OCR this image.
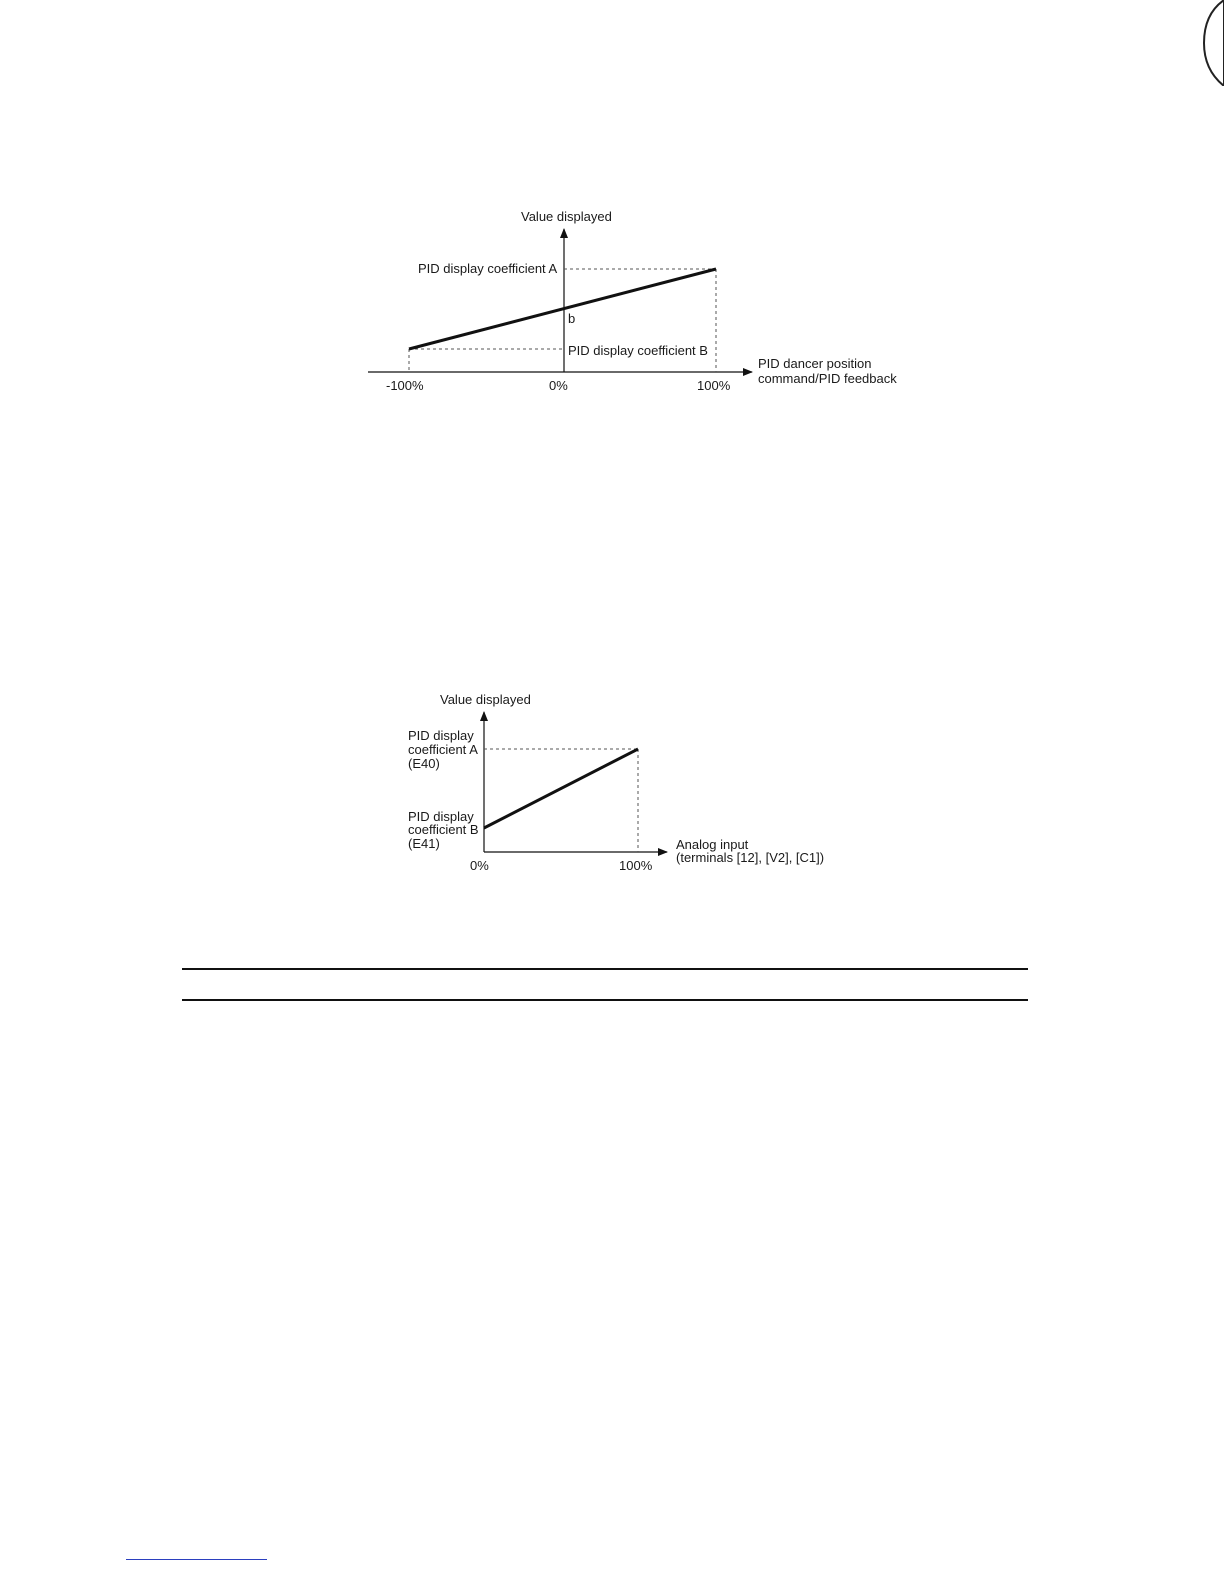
Value displayed
PID display coefficient A
b
PID display coefficient B
PID dancer position
command/PID feedback
-100%	0%	100%
Value displayed
PID display
coefficient A
(E40)
PID display
coefficient B
(E41)	Analog input
(terminals [12], [V2], [C1])
0%	100%
